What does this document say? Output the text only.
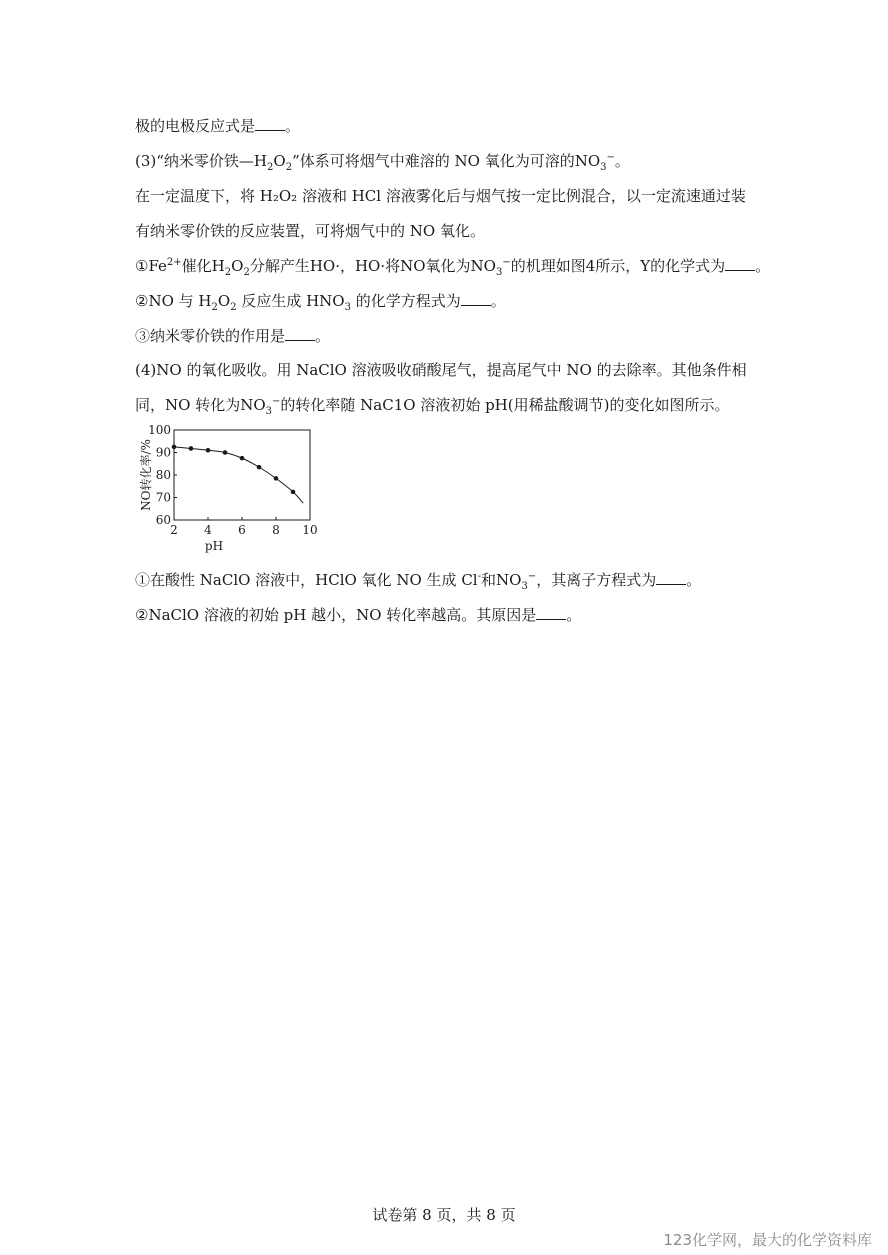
极的电极反应式是 。
(3)“纳米零价铁$—H_2O_2$”体系可将烟气中难溶的 NO 氧化为可溶的$NO_3^-$。
在一定温度下，将 H₂O₂ 溶液和 HCl 溶液雾化后与烟气按一定比例混合，以一定流速通过装
有纳米零价铁的反应装置，可将烟气中的 NO 氧化。
$①Fe^{2+}$催化$H_2O_2$分解产生HO·，HO·将NO氧化为$NO_3^-$的机理如图4所示，Y的化学式为 。
②NO 与 $H_2O_2$ 反应生成 $HNO_3$ 的化学方程式为 。
③纳米零价铁的作用是 。
(4)NO 的氧化吸收。用 NaClO 溶液吸收硝酸尾气，提高尾气中 NO 的去除率。其他条件相
同，NO 转化为$NO_3^-$的转化率随 NaC1O 溶液初始 pH(用稀盐酸调节)的变化如图所示。
2 4 6 8 10
60
70
80
90
100
pH
NO转化率/%
①在酸性 NaClO 溶液中，HClO 氧化 NO 生成 Cl-和$NO_3^-$，其离子方程式为 。
②NaClO 溶液的初始 pH 越小，NO 转化率越高。其原因是 。
试卷第 8 页，共 8 页
123化学网，最大的化学资料库
